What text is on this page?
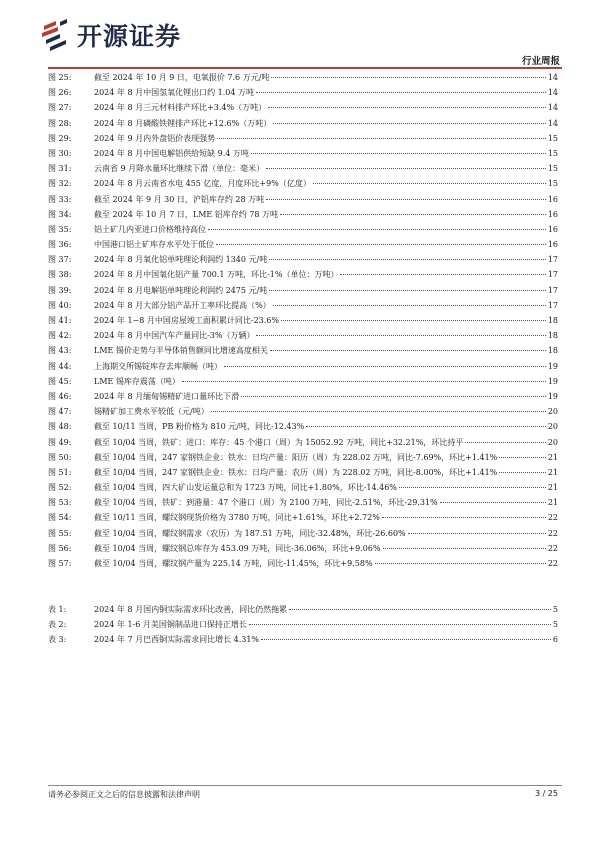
开源证券
行业周报
图 25:	截至 2024 年 10 月 9 日，电氧报价 7.6 万元/吨	14
图 26:	2024 年 8 月中国氢氧化锂出口约 1.04 万吨	14
图 27:	2024 年 8 月三元材料排产环比+3.4%（万吨）	14
图 28:	2024 年 8 月磷酸铁锂排产环比+12.6%（万吨）	14
图 29:	2024 年 9 月内外盘铝价表现强势	15
图 30:	2024 年 8 月中国电解铝供给短缺 9.4 万吨	15
图 31:	云南省 9 月降水量环比继续下滑（单位：毫米）	15
图 32:	2024 年 8 月云南省水电 455 亿度，月度环比+9%（亿度）	15
图 33:	截至 2024 年 9 月 30 日，沪铝库存约 28 万吨	16
图 34:	截至 2024 年 10 月 7 日，LME 铝库存约 78 万吨	16
图 35:	铝土矿几内亚进口价格维持高位	16
图 36:	中国港口铝土矿库存水平处于低位	16
图 37:	2024 年 8 月氧化铝单吨理论利润约 1340 元/吨	17
图 38:	2024 年 8 月中国氧化铝产量 700.1 万吨，环比-1%（单位：万吨）	17
图 39:	2024 年 8 月电解铝单吨理论利润约 2475 元/吨	17
图 40:	2024 年 8 月大部分铝产品开工率环比提高（%）	17
图 41:	2024 年 1−8 月中国房屋竣工面积累计同比-23.6%	18
图 42:	2024 年 8 月中国汽车产量同比-3%（万辆）	18
图 43:	LME 锡价走势与半导体销售额同比增速高度相关	18
图 44:	上海期交所锡锭库存去库顺畅（吨）	19
图 45:	LME 锡库存震荡（吨）	19
图 46:	2024 年 8 月缅甸锡精矿进口量环比下滑	19
图 47:	锡精矿加工费水平较低（元/吨）	20
图 48:	截至 10/11 当周，PB 粉价格为 810 元/吨，同比-12.43%	20
图 49:	截至 10/04 当周，铁矿：进口：库存：45 个港口（周）为 15052.92 万吨，同比+32.21%，环比持平	20
图 50:	截至 10/04 当周，247 家钢铁企业：铁水：日均产量：阳历（周）为 228.02 万吨，同比-7.69%，环比+1.41%	21
图 51:	截至 10/04 当周，247 家钢铁企业：铁水：日均产量：农历（周）为 228.02 万吨，同比-8.00%，环比+1.41%	21
图 52:	截至 10/04 当周，四大矿山发运量总和为 1723 万吨，同比+1.80%，环比-14.46%	21
图 53:	截至 10/04 当周，铁矿：到港量：47 个港口（周）为 2100 万吨，同比-2.51%，环比-29.31%	21
图 54:	截至 10/11 当周，螺纹钢现货价格为 3780 万吨，同比+1.61%，环比+2.72%	22
图 55:	截至 10/04 当周，螺纹钢需求（农历）为 187.51 万吨，同比-32.48%，环比-26.60%	22
图 56:	截至 10/04 当周，螺纹钢总库存为 453.09 万吨，同比-36.06%，环比+9.06%	22
图 57:	截至 10/04 当周，螺纹钢产量为 225.14 万吨，同比-11.45%，环比+9.58%	22
表 1:	2024 年 8 月国内铜实际需求环比改善，同比仍然拖累	5
表 2:	2024 年 1-6 月美国铜制品进口保持正增长	5
表 3:	2024 年 7 月巴西铜实际需求同比增长 4.31%	6
请务必参阅正文之后的信息披露和法律声明	3 / 25
